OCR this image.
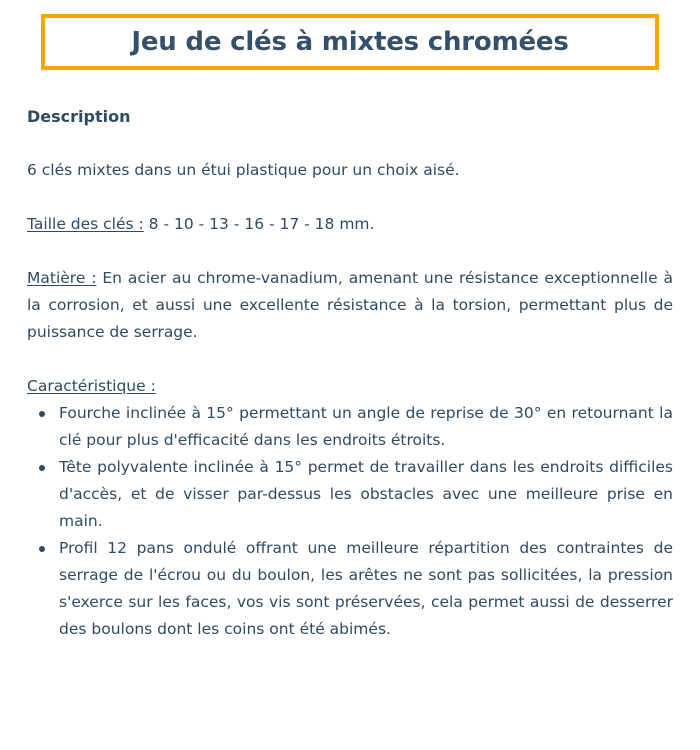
Jeu de clés à mixtes chromées
Description

6 clés mixtes dans un étui plastique pour un choix aisé.

Taille des clés : 8 - 10 - 13 - 16 - 17 - 18 mm.

Matière : En acier au chrome-vanadium, amenant une résistance exceptionnelle à la corrosion, et aussi une excellente résistance à la torsion, permettant plus de puissance de serrage.

Caractéristique :

Fourche inclinée à 15° permettant un angle de reprise de 30° en retournant la clé pour plus d'efficacité dans les endroits étroits.
Tête polyvalente inclinée à 15° permet de travailler dans les endroits difficiles d'accès, et de visser par-dessus les obstacles avec une meilleure prise en main.
Profil 12 pans ondulé offrant une meilleure répartition des contraintes de serrage de l'écrou ou du boulon, les arêtes ne sont pas sollicitées, la pression s'exerce sur les faces, vos vis sont préservées, cela permet aussi de desserrer des boulons dont les coins ont été abimés.
